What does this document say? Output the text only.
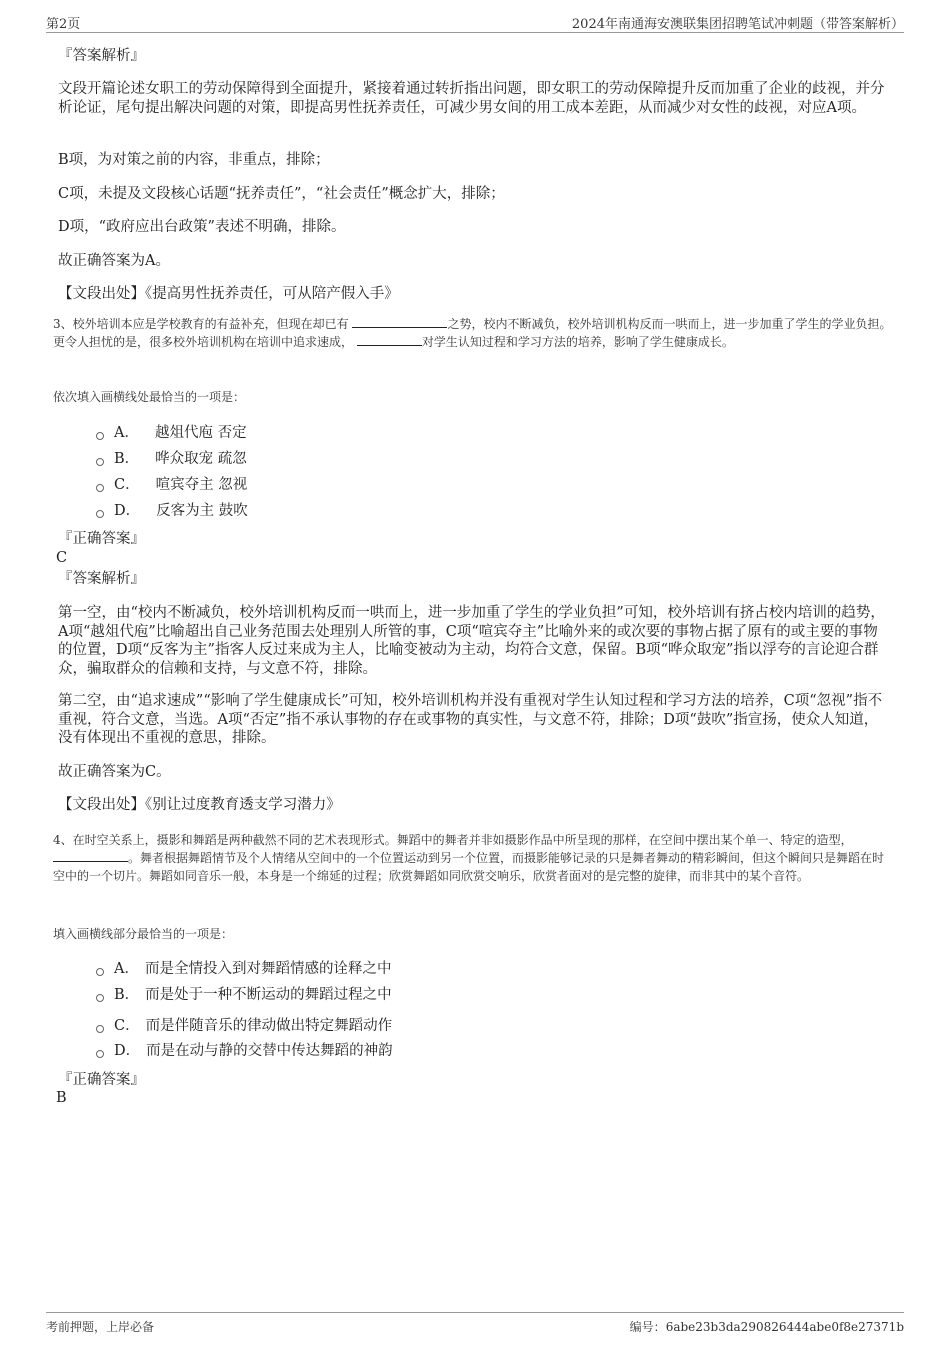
第2页	2024年南通海安澳联集团招聘笔试冲刺题（带答案解析）

『答案解析』

文段开篇论述女职工的劳动保障得到全面提升，紧接着通过转折指出问题，即女职工的劳动保障提升反而加重了企业的歧视，并分析论证，尾句提出解决问题的对策，即提高男性抚养责任，可减少男女间的用工成本差距，从而减少对女性的歧视，对应A项。

B项，为对策之前的内容，非重点，排除；

C项，未提及文段核心话题“抚养责任”，“社会责任”概念扩大，排除；

D项，“政府应出台政策”表述不明确，排除。

故正确答案为A。

【文段出处】《提高男性抚养责任，可从陪产假入手》

3、校外培训本应是学校教育的有益补充，但现在却已有	之势，校内不断减负，校外培训机构反而一哄而上，进一步加重了学生的学业负担。更令人担忧的是，很多校外培训机构在培训中追求速成，	对学生认知过程和学习方法的培养，影响了学生健康成长。

依次填入画横线处最恰当的一项是：

A． 越俎代庖 否定
B． 哗众取宠 疏忽
C． 喧宾夺主 忽视
D． 反客为主 鼓吹

『正确答案』

C

『答案解析』

第一空，由“校内不断减负，校外培训机构反而一哄而上，进一步加重了学生的学业负担”可知，校外培训有挤占校内培训的趋势，A项“越俎代庖”比喻超出自己业务范围去处理别人所管的事，C项“喧宾夺主”比喻外来的或次要的事物占据了原有的或主要的事物的位置，D项“反客为主”指客人反过来成为主人，比喻变被动为主动，均符合文意，保留。B项“哗众取宠”指以浮夸的言论迎合群众，骗取群众的信赖和支持，与文意不符，排除。

第二空，由“追求速成”“影响了学生健康成长”可知，校外培训机构并没有重视对学生认知过程和学习方法的培养，C项“忽视”指不重视，符合文意，当选。A项“否定”指不承认事物的存在或事物的真实性，与文意不符，排除；D项“鼓吹”指宣扬，使众人知道，没有体现出不重视的意思，排除。

故正确答案为C。

【文段出处】《别让过度教育透支学习潜力》

4、在时空关系上，摄影和舞蹈是两种截然不同的艺术表现形式。舞蹈中的舞者并非如摄影作品中所呈现的那样，在空间中摆出某个单一、特定的造型， 。舞者根据舞蹈情节及个人情绪从空间中的一个位置运动到另一个位置，而摄影能够记录的只是舞者舞动的精彩瞬间，但这个瞬间只是舞蹈在时空中的一个切片。舞蹈如同音乐一般，本身是一个绵延的过程；欣赏舞蹈如同欣赏交响乐，欣赏者面对的是完整的旋律，而非其中的某个音符。

填入画横线部分最恰当的一项是：

A． 而是全情投入到对舞蹈情感的诠释之中
B． 而是处于一种不断运动的舞蹈过程之中
C． 而是伴随音乐的律动做出特定舞蹈动作
D． 而是在动与静的交替中传达舞蹈的神韵

『正确答案』

B

考前押题，上岸必备	编号：6abe23b3da290826444abe0f8e27371b
